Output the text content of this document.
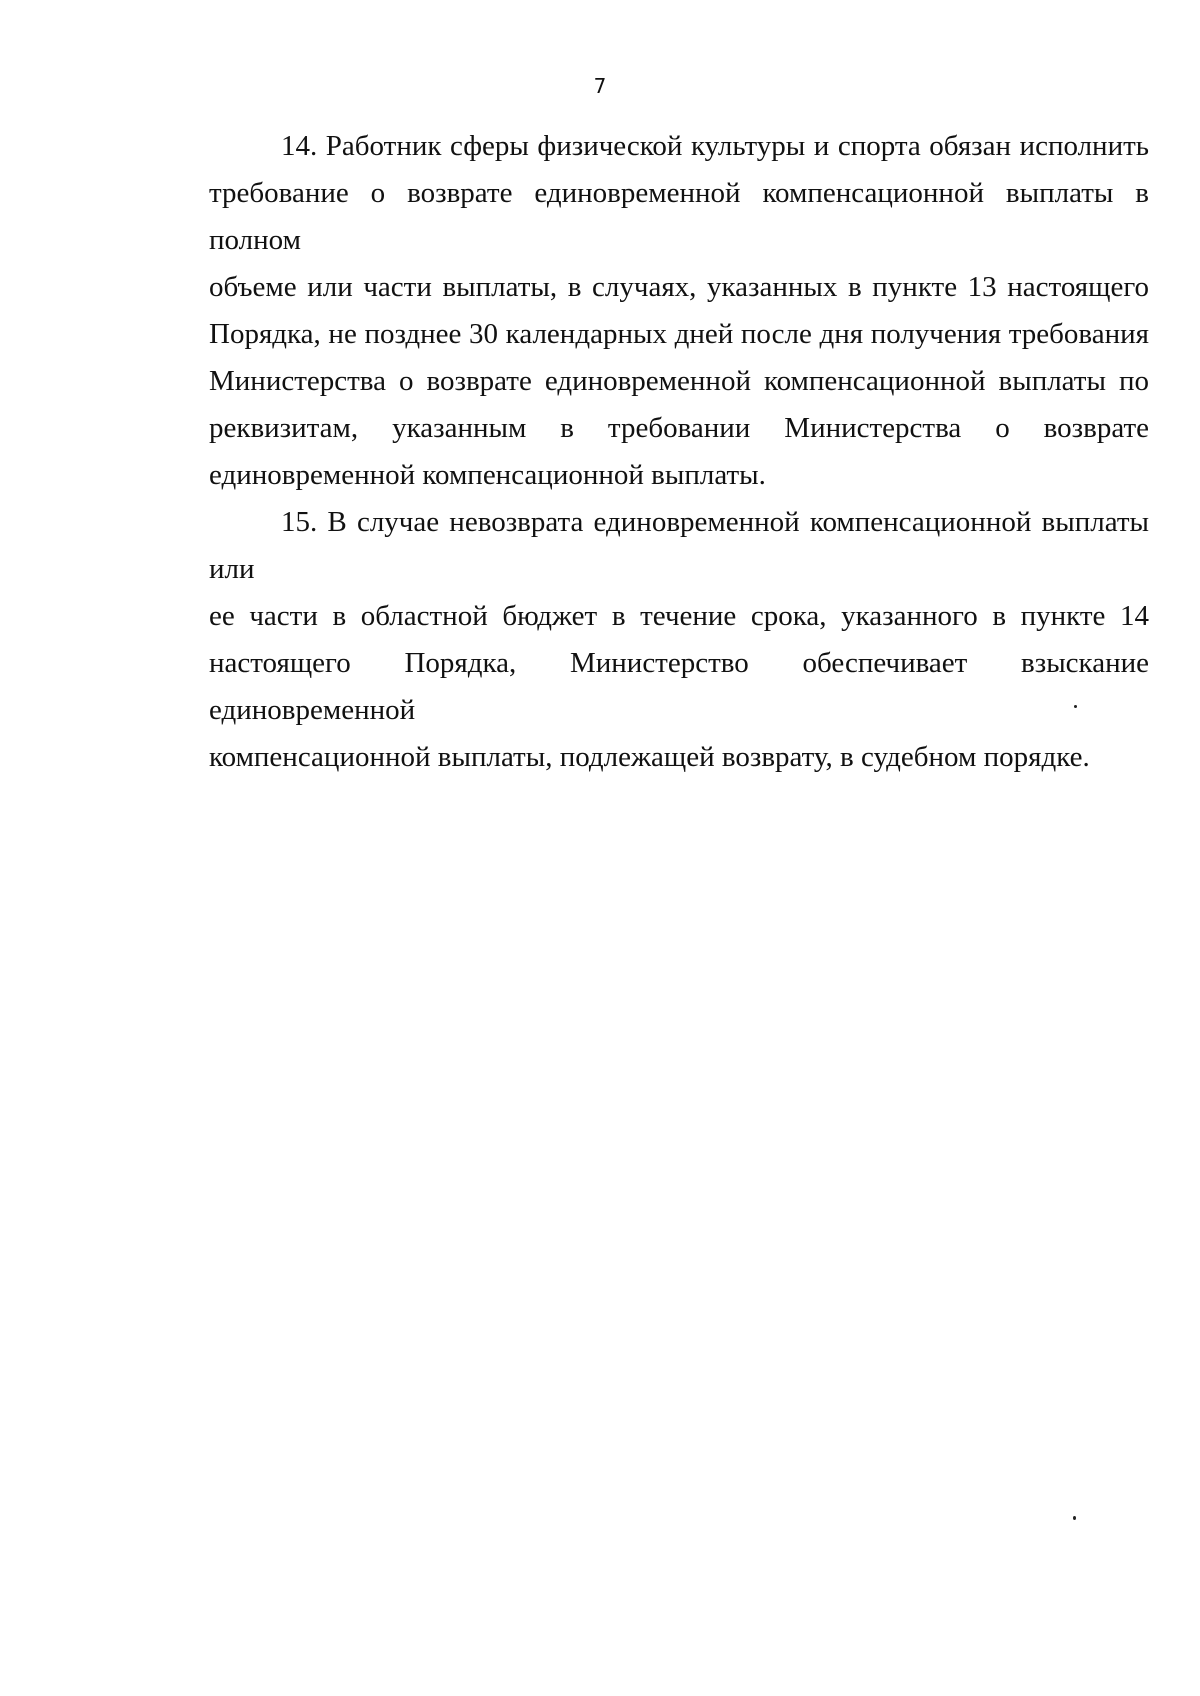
7
14. Работник сферы физической культуры и спорта обязан исполнить
требование о возврате единовременной компенсационной выплаты в полном
объеме или части выплаты, в случаях, указанных в пункте 13 настоящего
Порядка, не позднее 30 календарных дней после дня получения требования
Министерства о возврате единовременной компенсационной выплаты по
реквизитам, указанным в требовании Министерства о возврате
единовременной компенсационной выплаты.
15. В случае невозврата единовременной компенсационной выплаты или
ее части в областной бюджет в течение срока, указанного в пункте 14
настоящего Порядка, Министерство обеспечивает взыскание единовременной
компенсационной выплаты, подлежащей возврату, в судебном порядке.
